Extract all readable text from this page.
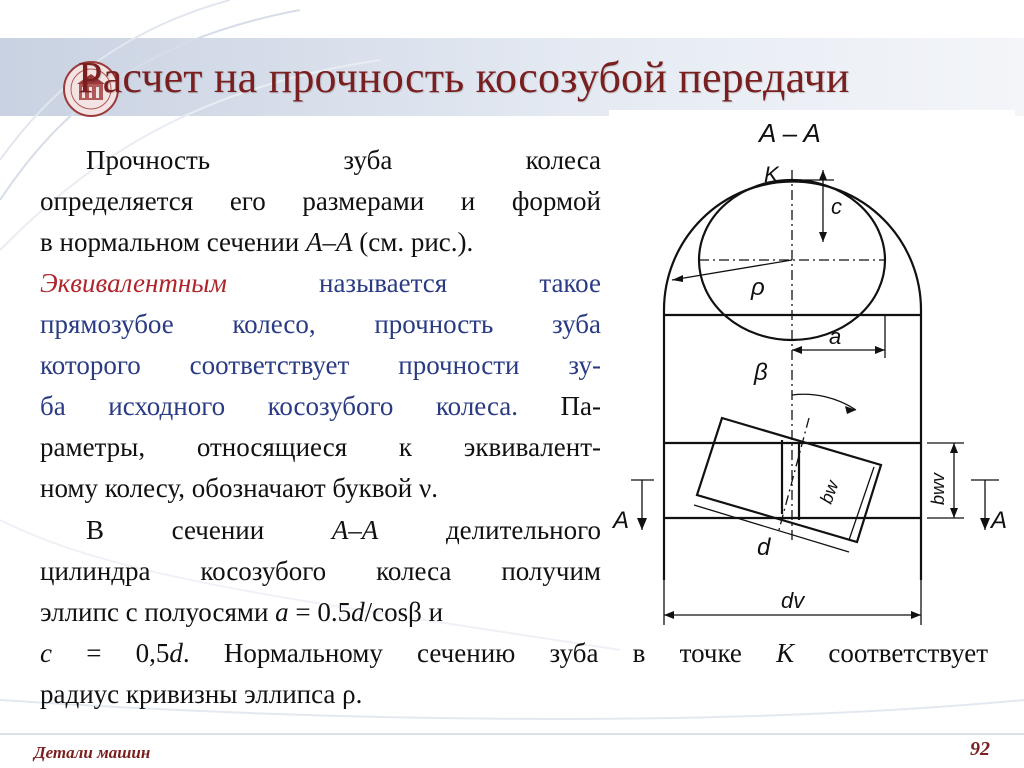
Расчет на прочность косозубой передачи
Прочность	зуба	колеса
определяется его размерами и формой
в нормальном сечении А–А (см. рис.).
Эквивалентным называется такое
прямозубое колесо, прочность зуба
которого соответствует прочности зу-
ба исходного косозубого колеса. Па-
раметры, относящиеся к эквивалент-
ному колесу, обозначают буквой ν.
В	сечении	А–А	делительного
цилиндра косозубого колеса получим
эллипс с полуосями a = 0.5d/cosβ и
c = 0,5d. Нормальному сечению зуба в точке K соответствует
радиус кривизны эллипса ρ.
A – A
K
c
ρ
a
β
bw	bwv
d
dv
A	A
Детали машин	92
